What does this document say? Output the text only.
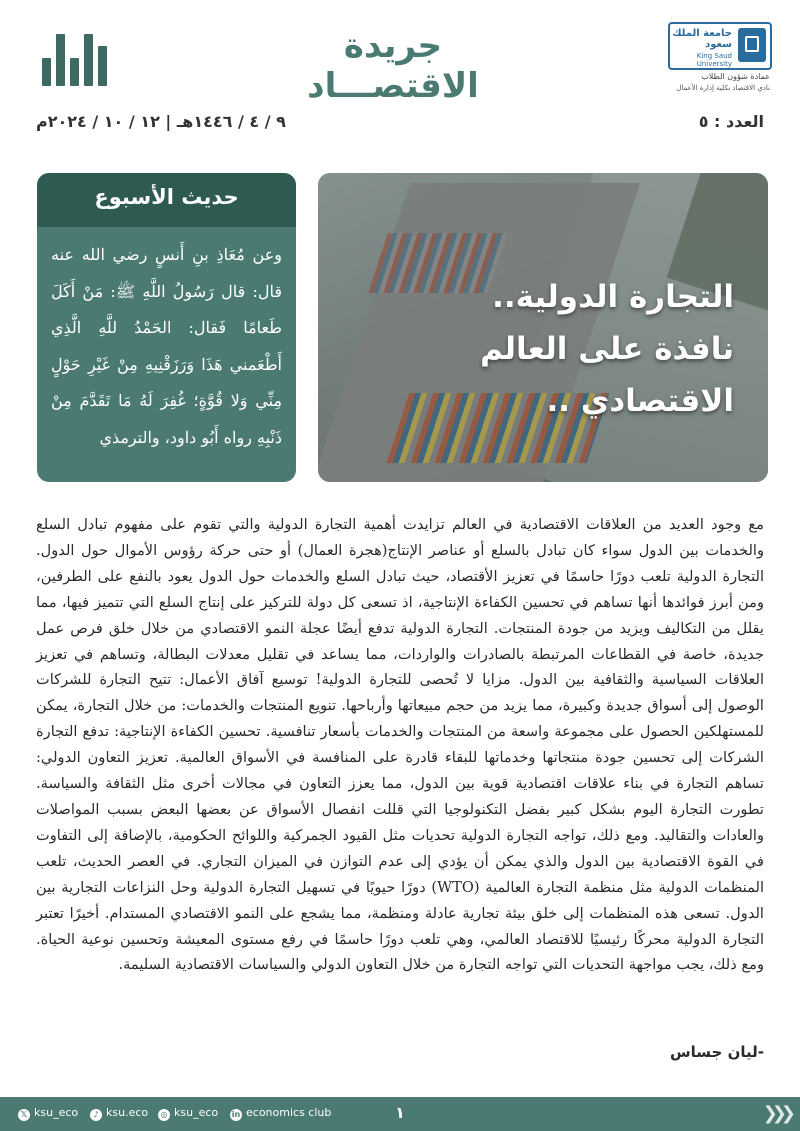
جريدة الاقتصـــاد
جامعة الملك سعود
King Saud University
عمادة شؤون الطلاب
نادي الاقتصاد بكلية إدارة الأعمال
العدد : ٥
٩ / ٤ / ١٤٤٦هـ | ١٢ / ١٠ / ٢٠٢٤م
حديث الأسبوع
وعن مُعَاذِ بنِ أَنسٍ رضي الله عنه قال: قال رَسُولُ اللَّهِ ﷺ: مَنْ أَكَلَ طَعامًا فَقال: الحَمْدُ للَّهِ الَّذِي أَطْعَمني هَذَا وَرَزَقْنِيهِ مِنْ غَيْرِ حَوْلٍ مِنِّي وَلا قُوَّةٍ؛ غُفِرَ لَهُ مَا تَقَدَّمَ مِنْ ذَنْبِهِ رواه أَبُو داود، والترمذي
التجارة الدولية..
نافذة على العالم الاقتصادي ..
مع وجود العديد من العلاقات الاقتصادية في العالم تزايدت أهمية التجارة الدولية والتي تقوم على مفهوم تبادل السلع والخدمات بين الدول سواء كان تبادل بالسلع أو عناصر الإنتاج(هجرة العمال) أو حتى حركة رؤوس الأموال حول الدول. التجارة الدولية تلعب دورًا حاسمًا في تعزيز الأقتصاد، حيث تبادل السلع والخدمات حول الدول يعود بالنفع على الطرفين، ومن أبرز فوائدها أنها تساهم في تحسين الكفاءة الإنتاجية، اذ تسعى كل دولة للتركيز على إنتاج السلع التي تتميز فيها، مما يقلل من التكاليف ويزيد من جودة المنتجات. التجارة الدولية تدفع أيضًا عجلة النمو الاقتصادي من خلال خلق فرص عمل جديدة، خاصة في القطاعات المرتبطة بالصادرات والواردات، مما يساعد في تقليل معدلات البطالة، وتساهم في تعزيز العلاقات السياسية والثقافية بين الدول. مزايا لا تُحصى للتجارة الدولية! توسيع آفاق الأعمال: تتيح التجارة للشركات الوصول إلى أسواق جديدة وكبيرة، مما يزيد من حجم مبيعاتها وأرباحها. تنويع المنتجات والخدمات: من خلال التجارة، يمكن للمستهلكين الحصول على مجموعة واسعة من المنتجات والخدمات بأسعار تنافسية. تحسين الكفاءة الإنتاجية: تدفع التجارة الشركات إلى تحسين جودة منتجاتها وخدماتها للبقاء قادرة على المنافسة في الأسواق العالمية. تعزيز التعاون الدولي: تساهم التجارة في بناء علاقات اقتصادية قوية بين الدول، مما يعزز التعاون في مجالات أخرى مثل الثقافة والسياسة. تطورت التجارة اليوم بشكل كبير بفضل التكنولوجيا التي قللت انفصال الأسواق عن بعضها البعض بسبب المواصلات والعادات والتقاليد. ومع ذلك، تواجه التجارة الدولية تحديات مثل القيود الجمركية واللوائح الحكومية، بالإضافة إلى التفاوت في القوة الاقتصادية بين الدول والذي يمكن أن يؤدي إلى عدم التوازن في الميزان التجاري. في العصر الحديث، تلعب المنظمات الدولية مثل منظمة التجارة العالمية (WTO) دورًا حيويًا في تسهيل التجارة الدولية وحل النزاعات التجارية بين الدول. تسعى هذه المنظمات إلى خلق بيئة تجارية عادلة ومنظمة، مما يشجع على النمو الاقتصادي المستدام. أخيرًا تعتبر التجارة الدولية محركًا رئيسيًا للاقتصاد العالمي، وهي تلعب دورًا حاسمًا في رفع مستوى المعيشة وتحسين نوعية الحياة. ومع ذلك، يجب مواجهة التحديات التي تواجه التجارة من خلال التعاون الدولي والسياسات الاقتصادية السليمة.
-ليان جساس
𝕏 ksu_eco	♪ ksu.eco	◎ ksu_eco in economics club	١	❯❯❯
